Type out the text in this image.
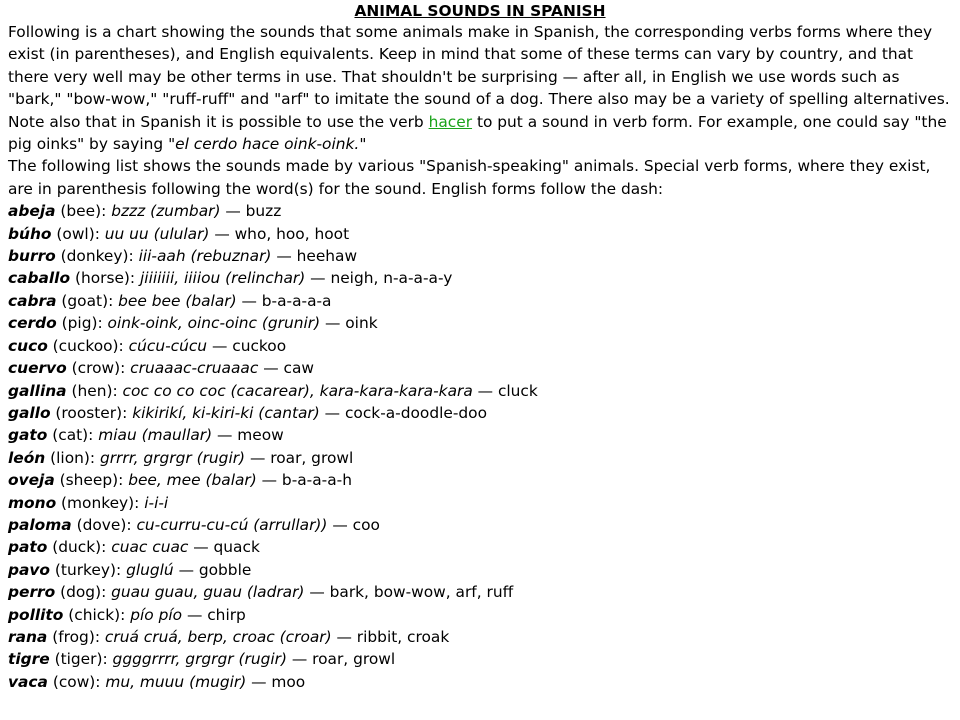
ANIMAL SOUNDS IN SPANISH

Following is a chart showing the sounds that some animals make in Spanish, the corresponding verbs forms where they exist (in parentheses), and English equivalents. Keep in mind that some of these terms can vary by country, and that there very well may be other terms in use. That shouldn't be surprising — after all, in English we use words such as "bark," "bow-wow," "ruff-ruff" and "arf" to imitate the sound of a dog. There also may be a variety of spelling alternatives.

Note also that in Spanish it is possible to use the verb hacer to put a sound in verb form. For example, one could say "the pig oinks" by saying "el cerdo hace oink-oink."

The following list shows the sounds made by various "Spanish-speaking" animals. Special verb forms, where they exist, are in parenthesis following the word(s) for the sound. English forms follow the dash:

abeja (bee): bzzz (zumbar) — buzz
búho (owl): uu uu (ulular) — who, hoo, hoot
burro (donkey): iii-aah (rebuznar) — heehaw
caballo (horse): jiiiiiii, iiiiou (relinchar) — neigh, n-a-a-a-y
cabra (goat): bee bee (balar) — b-a-a-a-a
cerdo (pig): oink-oink, oinc-oinc (grunir) — oink
cuco (cuckoo): cúcu-cúcu — cuckoo
cuervo (crow): cruaaac-cruaaac — caw
gallina (hen): coc co co coc (cacarear), kara-kara-kara-kara — cluck
gallo (rooster): kikirikí, ki-kiri-ki (cantar) — cock-a-doodle-doo
gato (cat): miau (maullar) — meow
león (lion): grrrr, grgrgr (rugir) — roar, growl
oveja (sheep): bee, mee (balar) — b-a-a-a-h
mono (monkey): i-i-i
paloma (dove): cu-curru-cu-cú (arrullar)) — coo
pato (duck): cuac cuac — quack
pavo (turkey): gluglú — gobble
perro (dog): guau guau, guau (ladrar) — bark, bow-wow, arf, ruff
pollito (chick): pío pío — chirp
rana (frog): cruá cruá, berp, croac (croar) — ribbit, croak
tigre (tiger): ggggrrrr, grgrgr (rugir) — roar, growl
vaca (cow): mu, muuu (mugir) — moo
